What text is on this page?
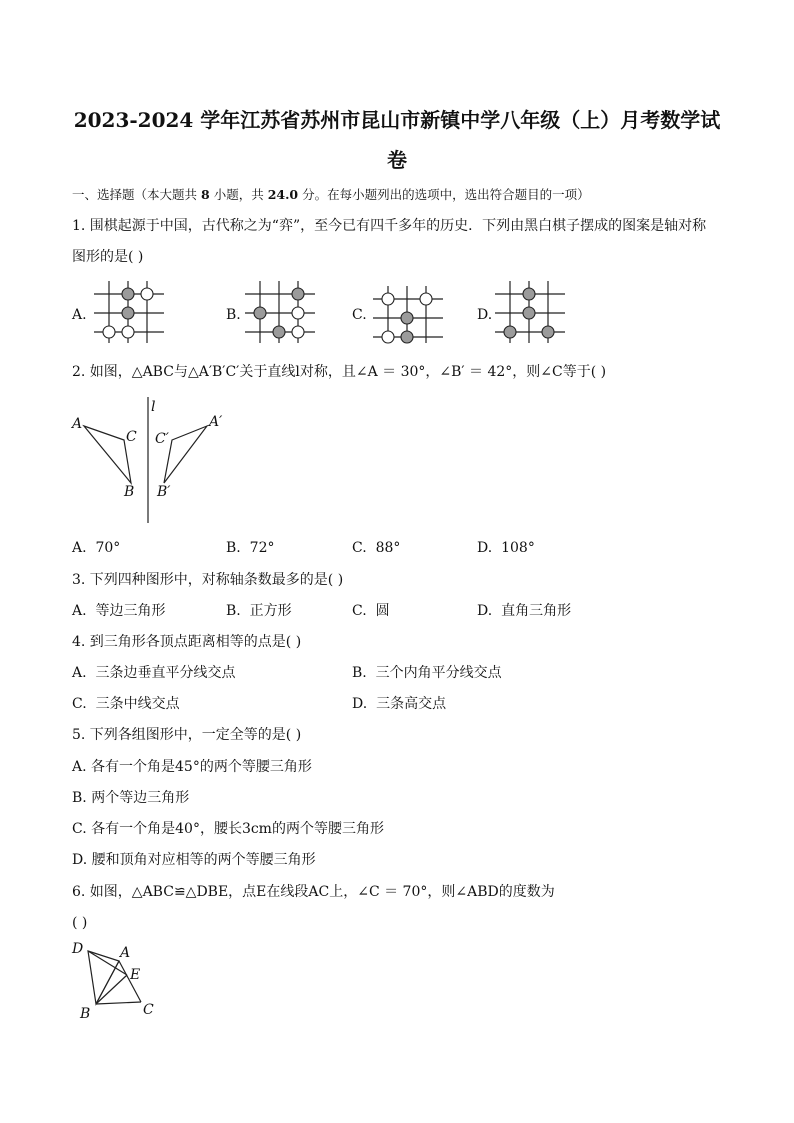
2023-2024 学年江苏省苏州市昆山市新镇中学八年级（上）月考数学试
卷
一、选择题（本大题共 8 小题，共 24.0 分。在每小题列出的选项中，选出符合题目的一项）
1. 围棋起源于中国，古代称之为“弈”，至今已有四千多年的历史．下列由黑白棋子摆成的图案是轴对称
图形的是( )
A.	B.	C.	D.
2. 如图，△ABC与△A′B′C′关于直线l对称，且∠A ＝ 30°，∠B′ ＝ 42°，则∠C等于( )
l
A
C
B
C′
A′
B′
A. 70°	B. 72°	C. 88°	D. 108°
3. 下列四种图形中，对称轴条数最多的是( )
A. 等边三角形	B. 正方形	C. 圆	D. 直角三角形
4. 到三角形各顶点距离相等的点是( )
A. 三条边垂直平分线交点	B. 三个内角平分线交点
C. 三条中线交点	D. 三条高交点
5. 下列各组图形中，一定全等的是( )
A. 各有一个角是45°的两个等腰三角形
B. 两个等边三角形
C. 各有一个角是40°，腰长3cm的两个等腰三角形
D. 腰和顶角对应相等的两个等腰三角形
6. 如图，△ABC≌△DBE，点E在线段AC上，∠C ＝ 70°，则∠ABD的度数为
( )
D	A
E
B	C
